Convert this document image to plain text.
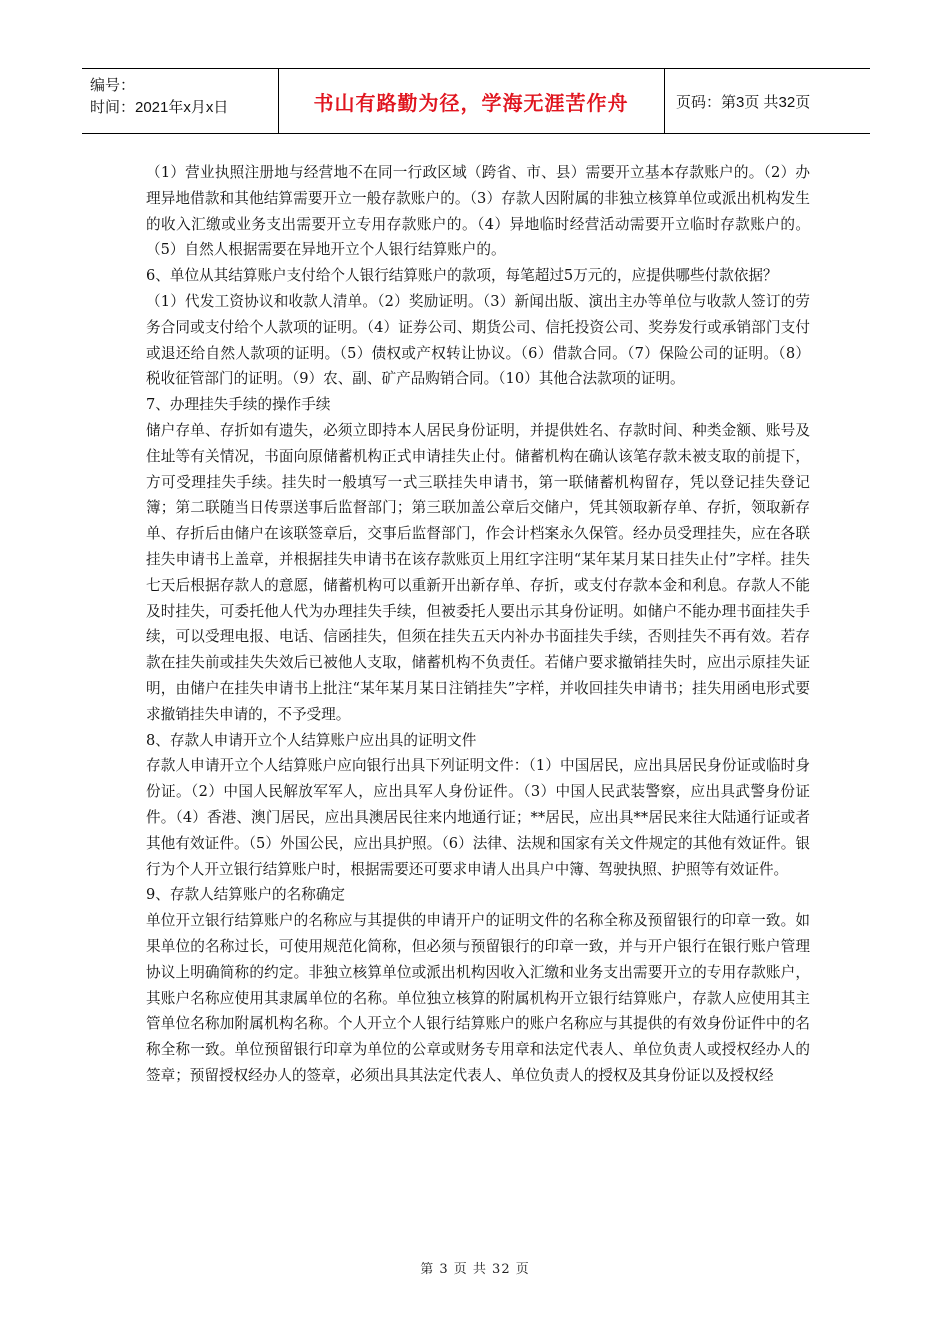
编号：
时间：2021年x月x日	书山有路勤为径，学海无涯苦作舟	页码：第3页 共32页

（1）营业执照注册地与经营地不在同一行政区域（跨省、市、县）需要开立基本存款账户的。（2）办理异地借款和其他结算需要开立一般存款账户的。（3）存款人因附属的非独立核算单位或派出机构发生的收入汇缴或业务支出需要开立专用存款账户的。（4）异地临时经营活动需要开立临时存款账户的。（5）自然人根据需要在异地开立个人银行结算账户的。

6、单位从其结算账户支付给个人银行结算账户的款项，每笔超过5万元的，应提供哪些付款依据？

（1）代发工资协议和收款人清单。（2）奖励证明。（3）新闻出版、演出主办等单位与收款人签订的劳务合同或支付给个人款项的证明。（4）证券公司、期货公司、信托投资公司、奖券发行或承销部门支付或退还给自然人款项的证明。（5）债权或产权转让协议。（6）借款合同。（7）保险公司的证明。（8）税收征管部门的证明。（9）农、副、矿产品购销合同。（10）其他合法款项的证明。

7、办理挂失手续的操作手续

储户存单、存折如有遗失，必须立即持本人居民身份证明，并提供姓名、存款时间、种类金额、账号及住址等有关情况，书面向原储蓄机构正式申请挂失止付。储蓄机构在确认该笔存款未被支取的前提下，方可受理挂失手续。挂失时一般填写一式三联挂失申请书，第一联储蓄机构留存，凭以登记挂失登记簿；第二联随当日传票送事后监督部门；第三联加盖公章后交储户，凭其领取新存单、存折，领取新存单、存折后由储户在该联签章后，交事后监督部门，作会计档案永久保管。经办员受理挂失，应在各联挂失申请书上盖章，并根据挂失申请书在该存款账页上用红字注明“某年某月某日挂失止付”字样。挂失七天后根据存款人的意愿，储蓄机构可以重新开出新存单、存折，或支付存款本金和利息。存款人不能及时挂失，可委托他人代为办理挂失手续，但被委托人要出示其身份证明。如储户不能办理书面挂失手续，可以受理电报、电话、信函挂失，但须在挂失五天内补办书面挂失手续，否则挂失不再有效。若存款在挂失前或挂失失效后已被他人支取，储蓄机构不负责任。若储户要求撤销挂失时，应出示原挂失证明，由储户在挂失申请书上批注“某年某月某日注销挂失”字样，并收回挂失申请书；挂失用函电形式要求撤销挂失申请的，不予受理。

8、存款人申请开立个人结算账户应出具的证明文件

存款人申请开立个人结算账户应向银行出具下列证明文件：（1）中国居民，应出具居民身份证或临时身份证。（2）中国人民解放军军人，应出具军人身份证件。（3）中国人民武装警察，应出具武警身份证件。（4）香港、澳门居民，应出具澳居民往来内地通行证；**居民，应出具**居民来往大陆通行证或者其他有效证件。（5）外国公民，应出具护照。（6）法律、法规和国家有关文件规定的其他有效证件。银行为个人开立银行结算账户时，根据需要还可要求申请人出具户中簿、驾驶执照、护照等有效证件。

9、存款人结算账户的名称确定

单位开立银行结算账户的名称应与其提供的申请开户的证明文件的名称全称及预留银行的印章一致。如果单位的名称过长，可使用规范化简称，但必须与预留银行的印章一致，并与开户银行在银行账户管理协议上明确简称的约定。非独立核算单位或派出机构因收入汇缴和业务支出需要开立的专用存款账户，其账户名称应使用其隶属单位的名称。单位独立核算的附属机构开立银行结算账户，存款人应使用其主管单位名称加附属机构名称。个人开立个人银行结算账户的账户名称应与其提供的有效身份证件中的名称全称一致。单位预留银行印章为单位的公章或财务专用章和法定代表人、单位负责人或授权经办人的签章；预留授权经办人的签章，必须出具其法定代表人、单位负责人的授权及其身份证以及授权经

第 3 页 共 32 页
